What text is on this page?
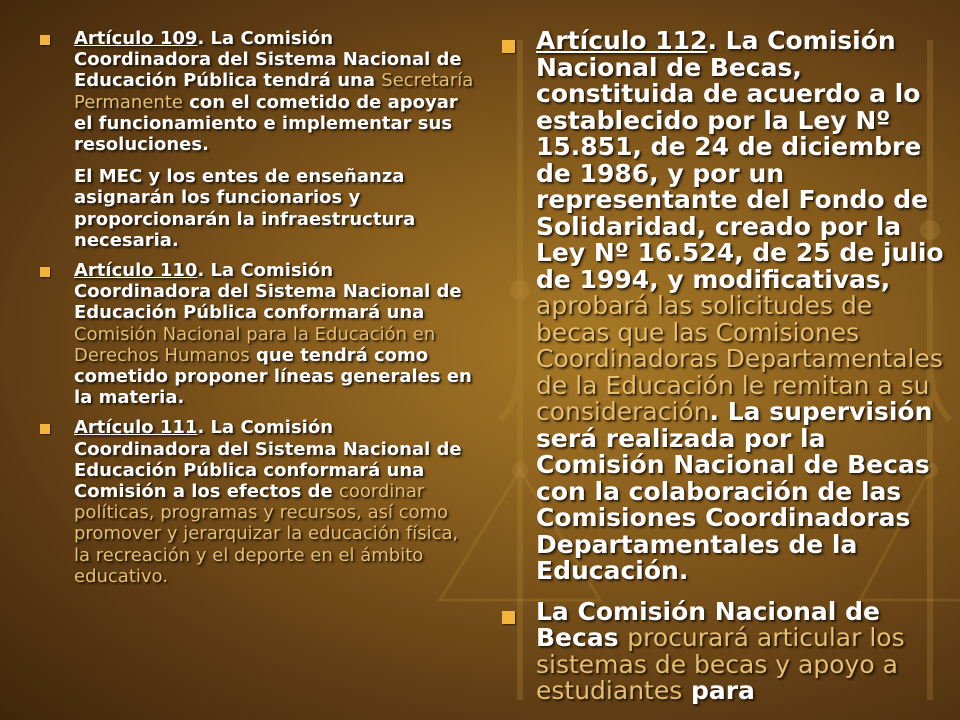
Artículo 109. La Comisión Coordinadora del Sistema Nacional de Educación Pública tendrá una Secretaría Permanente con el cometido de apoyar el funcionamiento e implementar sus resoluciones.

El MEC y los entes de enseñanza asignarán los funcionarios y proporcionarán la infraestructura necesaria.

Artículo 110. La Comisión Coordinadora del Sistema Nacional de Educación Pública conformará una Comisión Nacional para la Educación en Derechos Humanos que tendrá como cometido proponer líneas generales en la materia.

Artículo 111. La Comisión Coordinadora del Sistema Nacional de Educación Pública conformará una Comisión a los efectos de coordinar políticas, programas y recursos, así como promover y jerarquizar la educación física, la recreación y el deporte en el ámbito educativo.

Artículo 112. La Comisión Nacional de Becas, constituida de acuerdo a lo establecido por la Ley Nº 15.851, de 24 de diciembre de 1986, y por un representante del Fondo de Solidaridad, creado por la Ley Nº 16.524, de 25 de julio de 1994, y modificativas, aprobará las solicitudes de becas que las Comisiones Coordinadoras Departamentales de la Educación le remitan a su consideración. La supervisión será realizada por la Comisión Nacional de Becas con la colaboración de las Comisiones Coordinadoras Departamentales de la Educación.

La Comisión Nacional de Becas procurará articular los sistemas de becas y apoyo a estudiantes para
